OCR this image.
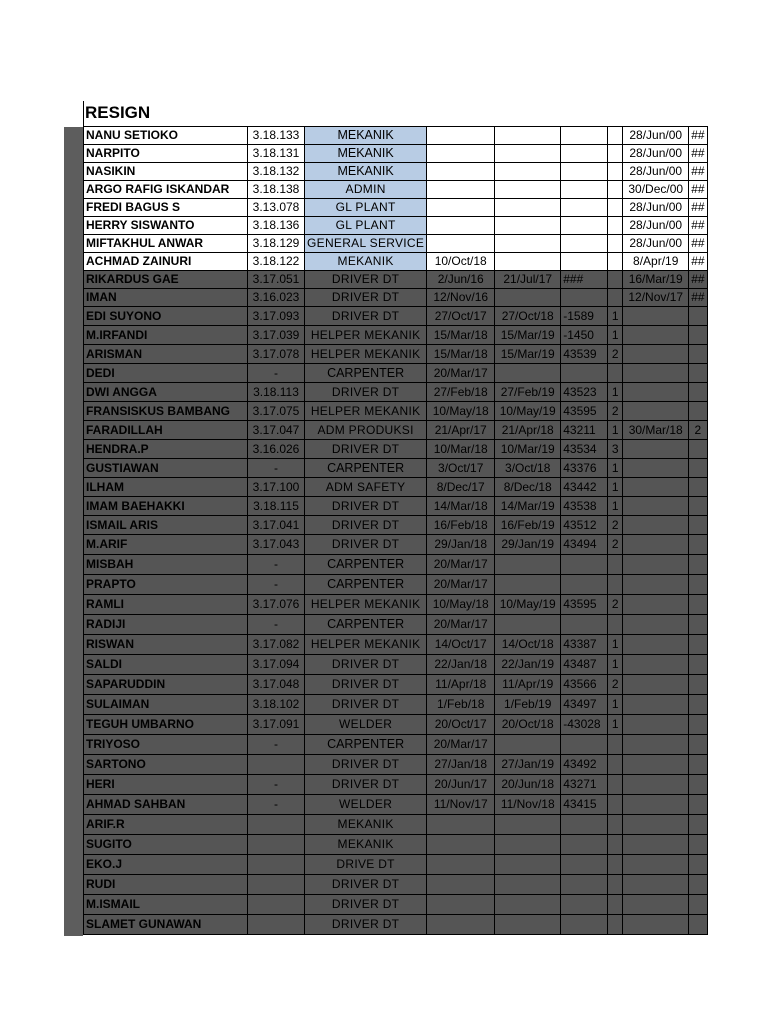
RESIGN
NANU SETIOKO	3.18.133	MEKANIK					28/Jun/00	##
NARPITO	3.18.131	MEKANIK					28/Jun/00	##
NASIKIN	3.18.132	MEKANIK					28/Jun/00	##
ARGO RAFIG ISKANDAR	3.18.138	ADMIN					30/Dec/00	##
FREDI BAGUS S	3.13.078	GL PLANT					28/Jun/00	##
HERRY SISWANTO	3.18.136	GL PLANT					28/Jun/00	##
MIFTAKHUL ANWAR	3.18.129	GENERAL SERVICE					28/Jun/00	##
ACHMAD ZAINURI	3.18.122	MEKANIK	10/Oct/18				8/Apr/19	##
RIKARDUS GAE	3.17.051	DRIVER DT	2/Jun/16	21/Jul/17	###		16/Mar/19	##
IMAN	3.16.023	DRIVER DT	12/Nov/16				12/Nov/17	##
EDI SUYONO	3.17.093	DRIVER DT	27/Oct/17	27/Oct/18	-1589	1		
M.IRFANDI	3.17.039	HELPER MEKANIK	15/Mar/18	15/Mar/19	-1450	1		
ARISMAN	3.17.078	HELPER MEKANIK	15/Mar/18	15/Mar/19	43539	2		
DEDI	-	CARPENTER	20/Mar/17					
DWI ANGGA	3.18.113	DRIVER DT	27/Feb/18	27/Feb/19	43523	1		
FRANSISKUS BAMBANG	3.17.075	HELPER MEKANIK	10/May/18	10/May/19	43595	2		
FARADILLAH	3.17.047	ADM PRODUKSI	21/Apr/17	21/Apr/18	43211	1	30/Mar/18	2
HENDRA.P	3.16.026	DRIVER DT	10/Mar/18	10/Mar/19	43534	3		
GUSTIAWAN	-	CARPENTER	3/Oct/17	3/Oct/18	43376	1		
ILHAM	3.17.100	ADM SAFETY	8/Dec/17	8/Dec/18	43442	1		
IMAM BAEHAKKI	3.18.115	DRIVER DT	14/Mar/18	14/Mar/19	43538	1		
ISMAIL ARIS	3.17.041	DRIVER DT	16/Feb/18	16/Feb/19	43512	2		
M.ARIF	3.17.043	DRIVER DT	29/Jan/18	29/Jan/19	43494	2		
MISBAH	-	CARPENTER	20/Mar/17					
PRAPTO	-	CARPENTER	20/Mar/17					
RAMLI	3.17.076	HELPER MEKANIK	10/May/18	10/May/19	43595	2		
RADIJI	-	CARPENTER	20/Mar/17					
RISWAN	3.17.082	HELPER MEKANIK	14/Oct/17	14/Oct/18	43387	1		
SALDI	3.17.094	DRIVER DT	22/Jan/18	22/Jan/19	43487	1		
SAPARUDDIN	3.17.048	DRIVER DT	11/Apr/18	11/Apr/19	43566	2		
SULAIMAN	3.18.102	DRIVER DT	1/Feb/18	1/Feb/19	43497	1		
TEGUH UMBARNO	3.17.091	WELDER	20/Oct/17	20/Oct/18	-43028	1		
TRIYOSO	-	CARPENTER	20/Mar/17					
SARTONO		DRIVER DT	27/Jan/18	27/Jan/19	43492			
HERI	-	DRIVER DT	20/Jun/17	20/Jun/18	43271			
AHMAD SAHBAN	-	WELDER	11/Nov/17	11/Nov/18	43415			
ARIF.R		MEKANIK						
SUGITO		MEKANIK						
EKO.J		DRIVE DT						
RUDI		DRIVER DT						
M.ISMAIL		DRIVER DT						
SLAMET GUNAWAN		DRIVER DT						
